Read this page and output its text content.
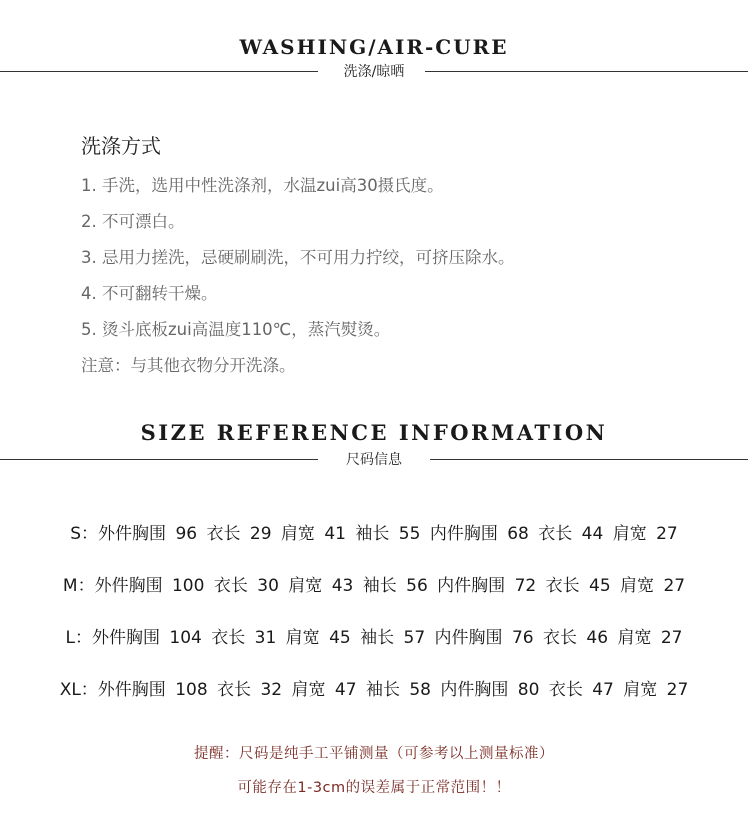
WASHING/AIR-CURE
洗涤/晾晒
洗涤方式
1. 手洗，选用中性洗涤剂，水温zui高30摄氏度。
2. 不可漂白。
3. 忌用力搓洗，忌硬刷刷洗，不可用力拧绞，可挤压除水。
4. 不可翻转干燥。
5. 烫斗底板zui高温度110℃，蒸汽熨烫。
注意：与其他衣物分开洗涤。
SIZE REFERENCE INFORMATION
尺码信息
S：外件胸围 96 衣长 29 肩宽 41 袖长 55 内件胸围 68 衣长 44 肩宽 27
M：外件胸围 100 衣长 30 肩宽 43 袖长 56 内件胸围 72 衣长 45 肩宽 27
L：外件胸围 104 衣长 31 肩宽 45 袖长 57 内件胸围 76 衣长 46 肩宽 27
XL：外件胸围 108 衣长 32 肩宽 47 袖长 58 内件胸围 80 衣长 47 肩宽 27
提醒：尺码是纯手工平铺测量（可参考以上测量标准）
可能存在1-3cm的误差属于正常范围！！
